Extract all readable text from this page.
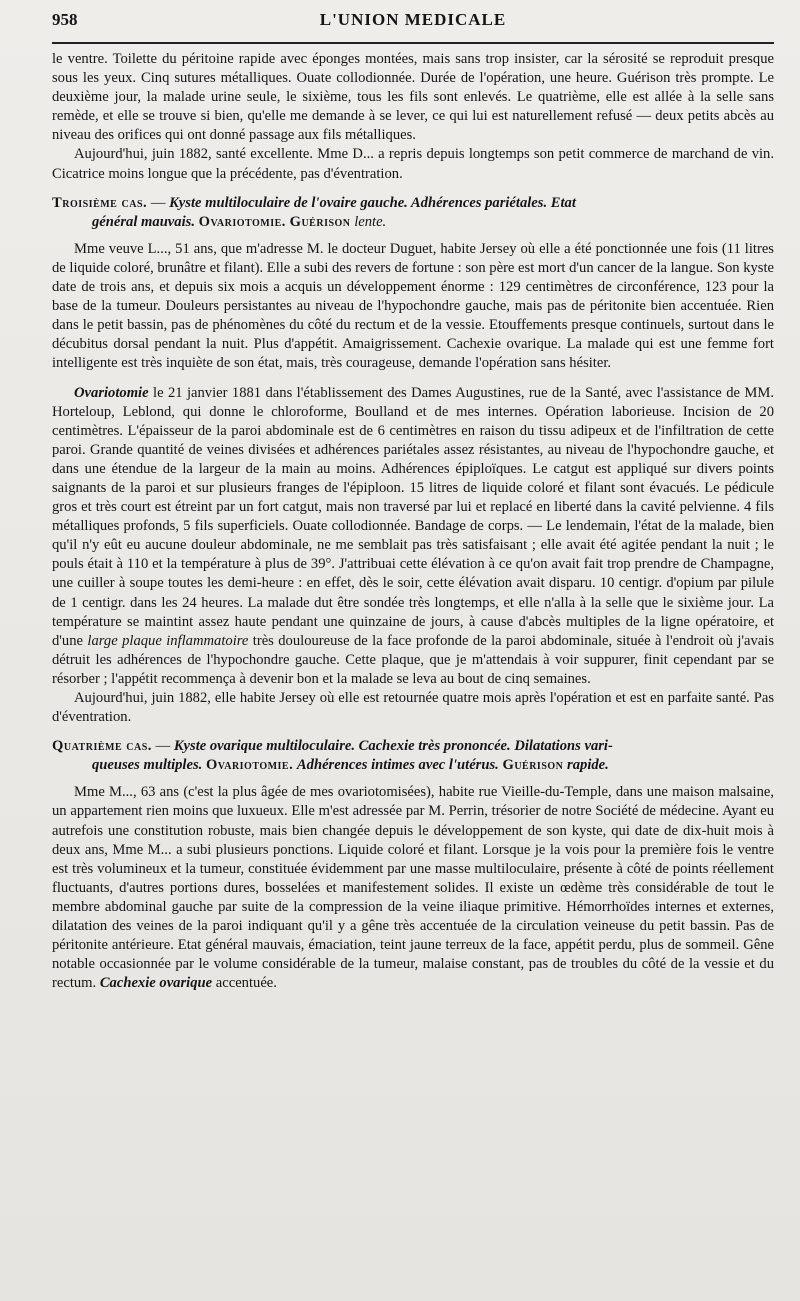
958	L'UNION MEDICALE

le ventre. Toilette du péritoine rapide avec éponges montées, mais sans trop insister, car la sérosité se reproduit presque sous les yeux. Cinq sutures métalliques. Ouate collodionnée. Durée de l'opération, une heure. Guérison très prompte. Le deuxième jour, la malade urine seule, le sixième, tous les fils sont enlevés. Le quatrième, elle est allée à la selle sans remède, et elle se trouve si bien, qu'elle me demande à se lever, ce qui lui est naturellement refusé — deux petits abcès au niveau des orifices qui ont donné passage aux fils métalliques.

Aujourd'hui, juin 1882, santé excellente. Mme D... a repris depuis longtemps son petit commerce de marchand de vin. Cicatrice moins longue que la précédente, pas d'éventration.

Troisième cas. — Kyste multiloculaire de l'ovaire gauche. Adhérences pariétales. Etat
général mauvais. Ovariotomie. Guérison lente.

Mme veuve L..., 51 ans, que m'adresse M. le docteur Duguet, habite Jersey où elle a été ponctionnée une fois (11 litres de liquide coloré, brunâtre et filant). Elle a subi des revers de fortune : son père est mort d'un cancer de la langue. Son kyste date de trois ans, et depuis six mois a acquis un développement énorme : 129 centimètres de circonférence, 123 pour la base de la tumeur. Douleurs persistantes au niveau de l'hypochondre gauche, mais pas de péritonite bien accentuée. Rien dans le petit bassin, pas de phénomènes du côté du rectum et de la vessie. Etouffements presque continuels, surtout dans le décubitus dorsal pendant la nuit. Plus d'appétit. Amaigrissement. Cachexie ovarique. La malade qui est une femme fort intelligente est très inquiète de son état, mais, très courageuse, demande l'opération sans hésiter.

Ovariotomie le 21 janvier 1881 dans l'établissement des Dames Augustines, rue de la Santé, avec l'assistance de MM. Horteloup, Leblond, qui donne le chloroforme, Boulland et de mes internes. Opération laborieuse. Incision de 20 centimètres. L'épaisseur de la paroi abdominale est de 6 centimètres en raison du tissu adipeux et de l'infiltration de cette paroi. Grande quantité de veines divisées et adhérences pariétales assez résistantes, au niveau de l'hypochondre gauche, et dans une étendue de la largeur de la main au moins. Adhérences épiploïques. Le catgut est appliqué sur divers points saignants de la paroi et sur plusieurs franges de l'épiploon. 15 litres de liquide coloré et filant sont évacués. Le pédicule gros et très court est étreint par un fort catgut, mais non traversé par lui et replacé en liberté dans la cavité pelvienne. 4 fils métalliques profonds, 5 fils superficiels. Ouate collodionnée. Bandage de corps. — Le lendemain, l'état de la malade, bien qu'il n'y eût eu aucune douleur abdominale, ne me semblait pas très satisfaisant ; elle avait été agitée pendant la nuit ; le pouls était à 110 et la température à plus de 39°. J'attribuai cette élévation à ce qu'on avait fait trop prendre de Champagne, une cuiller à soupe toutes les demi-heure : en effet, dès le soir, cette élévation avait disparu. 10 centigr. d'opium par pilule de 1 centigr. dans les 24 heures. La malade dut être sondée très longtemps, et elle n'alla à la selle que le sixième jour. La température se maintint assez haute pendant une quinzaine de jours, à cause d'abcès multiples de la ligne opératoire, et d'une large plaque inflammatoire très douloureuse de la face profonde de la paroi abdominale, située à l'endroit où j'avais détruit les adhérences de l'hypochondre gauche. Cette plaque, que je m'attendais à voir suppurer, finit cependant par se résorber ; l'appétit recommença à devenir bon et la malade se leva au bout de cinq semaines.

Aujourd'hui, juin 1882, elle habite Jersey où elle est retournée quatre mois après l'opération et est en parfaite santé. Pas d'éventration.

Quatrième cas. — Kyste ovarique multiloculaire. Cachexie très prononcée. Dilatations vari-
queuses multiples. Ovariotomie. Adhérences intimes avec l'utérus. Guérison rapide.

Mme M..., 63 ans (c'est la plus âgée de mes ovariotomisées), habite rue Vieille-du-Temple, dans une maison malsaine, un appartement rien moins que luxueux. Elle m'est adressée par M. Perrin, trésorier de notre Société de médecine. Ayant eu autrefois une constitution robuste, mais bien changée depuis le développement de son kyste, qui date de dix-huit mois à deux ans, Mme M... a subi plusieurs ponctions. Liquide coloré et filant. Lorsque je la vois pour la première fois le ventre est très volumineux et la tumeur, constituée évidemment par une masse multiloculaire, présente à côté de points réellement fluctuants, d'autres portions dures, bosselées et manifestement solides. Il existe un œdème très considérable de tout le membre abdominal gauche par suite de la compression de la veine iliaque primitive. Hémorrhoïdes internes et externes, dilatation des veines de la paroi indiquant qu'il y a gêne très accentuée de la circulation veineuse du petit bassin. Pas de péritonite antérieure. Etat général mauvais, émaciation, teint jaune terreux de la face, appétit perdu, plus de sommeil. Gêne notable occasionnée par le volume considérable de la tumeur, malaise constant, pas de troubles du côté de la vessie et du rectum. Cachexie ovarique accentuée.
